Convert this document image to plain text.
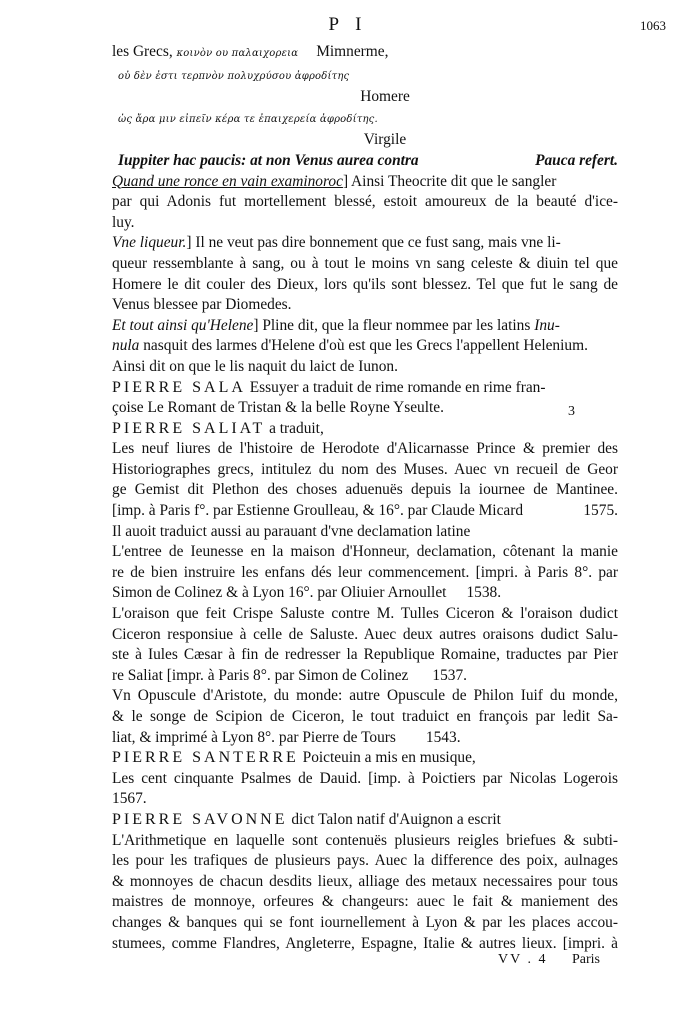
P I	1063
les Grecs, κοινὸν ου παλαιχορεια Mimnerme,
οὐ δὲν ἐστι τερπνὸν πολυχρύσου ἀφροδίτης
Homere
ὡς ἄρα μιν εἰπεῖν κέρα τε ἐπαιχερεία ἀφροδίτης.
Virgile
Iuppiter hac paucis: at non Venus aurea contra	Pauca refert.
Quand une ronce en vain examinoroc] Ainsi Theocrite dit que le sangler
par qui Adonis fut mortellement blessé, estoit amoureux de la beauté d'ice-
luy.
Vne liqueur.] Il ne veut pas dire bonnement que ce fust sang, mais vne li-
queur ressemblante à sang, ou à tout le moins vn sang celeste & diuin tel que
Homere le dit couler des Dieux, lors qu'ils sont blessez. Tel que fut le sang de
Venus blessee par Diomedes.
Et tout ainsi qu'Helene] Pline dit, que la fleur nommee par les latins Inu-
nula nasquit des larmes d'Helene d'où est que les Grecs l'appellent Helenium.
Ainsi dit on que le lis naquit du laict de Iunon.
PIERRE SALA Essuyer a traduit de rime romande en rime fran-
çoise Le Romant de Tristan & la belle Royne Yseulte.
PIERRE SALIAT a traduit,
Les neuf liures de l'histoire de Herodote d'Alicarnasse Prince & premier des
Historiographes grecs, intitulez du nom des Muses. Auec vn recueil de Geor
ge Gemist dit Plethon des choses aduenuës depuis la iournee de Mantinee.
[imp. à Paris f°. par Estienne Groulleau, & 16°. par Claude Micard	1575.
Il auoit traduict aussi au parauant d'vne declamation latine
L'entree de Ieunesse en la maison d'Honneur, declamation, côtenant la manie
re de bien instruire les enfans dés leur commencement. [impri. à Paris 8°. par
Simon de Colinez & à Lyon 16°. par Oliuier Arnoullet 1538.
L'oraison que feit Crispe Saluste contre M. Tulles Ciceron & l'oraison dudict
Ciceron responsiue à celle de Saluste. Auec deux autres oraisons dudict Salu-
ste à Iules Cæsar à fin de redresser la Republique Romaine, traductes par Pier
re Saliat [impr. à Paris 8°. par Simon de Colinez 1537.
Vn Opuscule d'Aristote, du monde: autre Opuscule de Philon Iuif du monde,
& le songe de Scipion de Ciceron, le tout traduict en françois par ledit Sa-
liat, & imprimé à Lyon 8°. par Pierre de Tours 1543.
PIERRE SANTERRE Poicteuin a mis en musique,
Les cent cinquante Psalmes de Dauid. [imp. à Poictiers par Nicolas Logerois
1567.
PIERRE SAVONNE dict Talon natif d'Auignon a escrit
L'Arithmetique en laquelle sont contenuës plusieurs reigles briefues & subti-
les pour les trafiques de plusieurs pays. Auec la difference des poix, aulnages
& monnoyes de chacun desdits lieux, alliage des metaux necessaires pour tous
maistres de monnoye, orfeures & changeurs: auec le fait & maniement des
changes & banques qui se font iournellement à Lyon & par les places accou-
stumees, comme Flandres, Angleterre, Espagne, Italie & autres lieux. [impri. à
3
VV . 4 Paris
